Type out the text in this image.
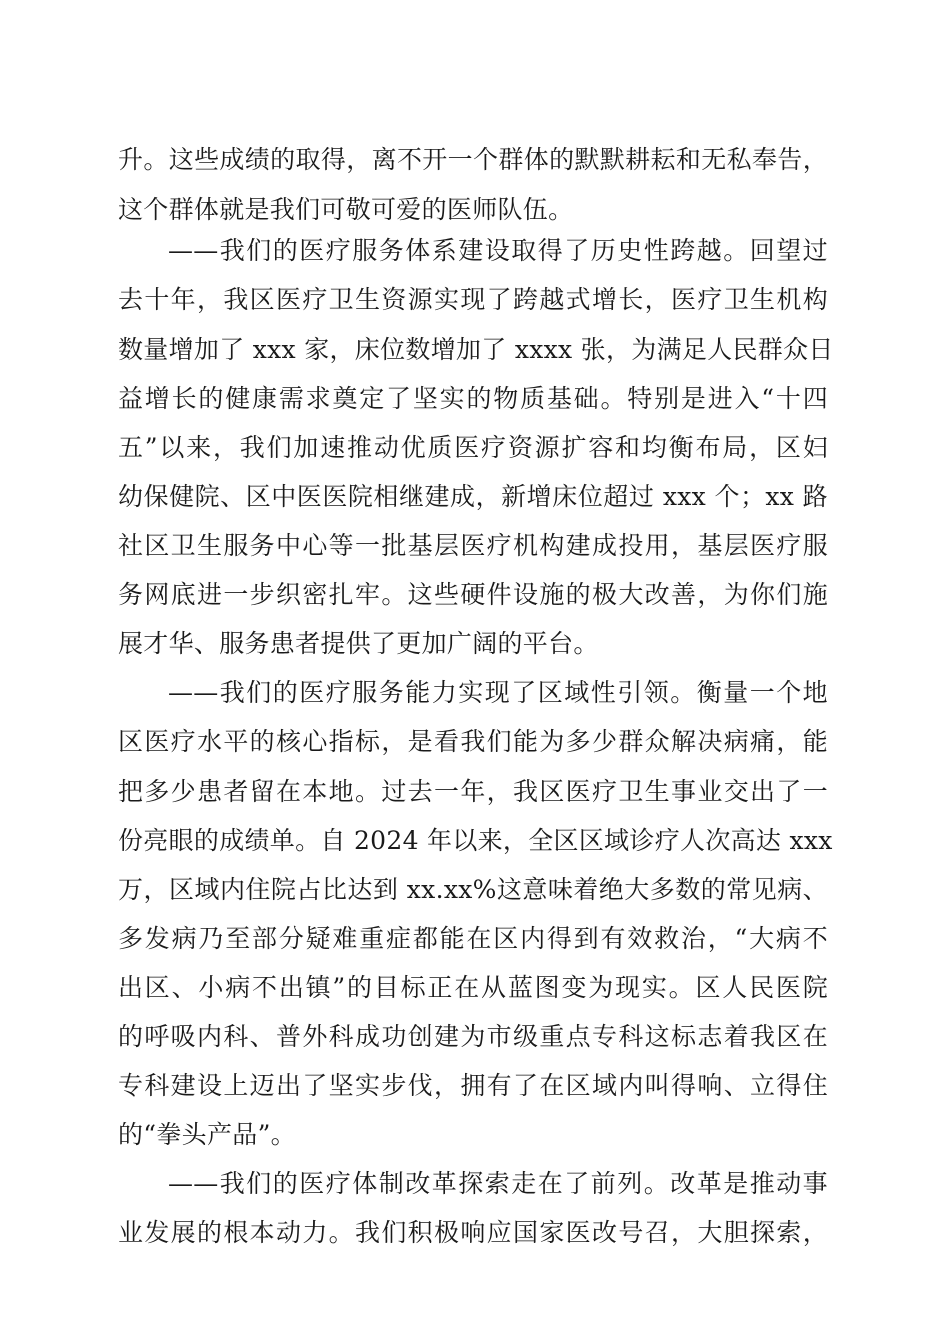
升。这些成绩的取得，离不开一个群体的默默耕耘和无私奉告，
这个群体就是我们可敬可爱的医师队伍。
——我们的医疗服务体系建设取得了历史性跨越。回望过
去十年，我区医疗卫生资源实现了跨越式增长，医疗卫生机构
数量增加了 xxx 家，床位数增加了 xxxx 张，为满足人民群众日
益增长的健康需求奠定了坚实的物质基础。特别是进入“十四
五”以来，我们加速推动优质医疗资源扩容和均衡布局，区妇
幼保健院、区中医医院相继建成，新增床位超过 xxx 个；xx 路
社区卫生服务中心等一批基层医疗机构建成投用，基层医疗服
务网底进一步织密扎牢。这些硬件设施的极大改善，为你们施
展才华、服务患者提供了更加广阔的平台。
——我们的医疗服务能力实现了区域性引领。衡量一个地
区医疗水平的核心指标，是看我们能为多少群众解决病痛，能
把多少患者留在本地。过去一年，我区医疗卫生事业交出了一
份亮眼的成绩单。自 2024 年以来，全区区域诊疗人次高达 xxx
万，区域内住院占比达到 xx.xx%这意味着绝大多数的常见病、
多发病乃至部分疑难重症都能在区内得到有效救治，“大病不
出区、小病不出镇”的目标正在从蓝图变为现实。区人民医院
的呼吸内科、普外科成功创建为市级重点专科这标志着我区在
专科建设上迈出了坚实步伐，拥有了在区域内叫得响、立得住
的“拳头产品”。
——我们的医疗体制改革探索走在了前列。改革是推动事
业发展的根本动力。我们积极响应国家医改号召，大胆探索，
